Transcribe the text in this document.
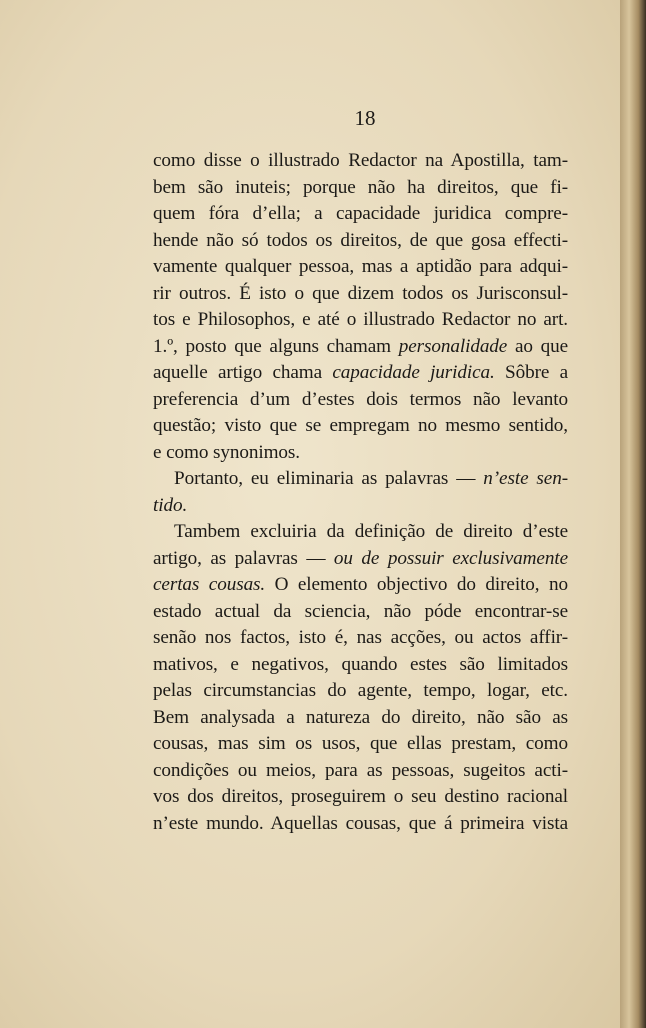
18
como disse o illustrado Redactor na Apostilla, tam-
bem são inuteis; porque não ha direitos, que fi-
quem fóra d’ella; a capacidade juridica compre-
hende não só todos os direitos, de que gosa effecti-
vamente qualquer pessoa, mas a aptidão para adqui-
rir outros. É isto o que dizem todos os Jurisconsul-
tos e Philosophos, e até o illustrado Redactor no art.
1.º, posto que alguns chamam personalidade ao que
aquelle artigo chama capacidade juridica. Sôbre a
preferencia d’um d’estes dois termos não levanto
questão; visto que se empregam no mesmo sentido,
e como synonimos.
Portanto, eu eliminaria as palavras — n’este sen-
tido.
Tambem excluiria da definição de direito d’este
artigo, as palavras — ou de possuir exclusivamente
certas cousas. O elemento objectivo do direito, no
estado actual da sciencia, não póde encontrar-se
senão nos factos, isto é, nas acções, ou actos affir-
mativos, e negativos, quando estes são limitados
pelas circumstancias do agente, tempo, logar, etc.
Bem analysada a natureza do direito, não são as
cousas, mas sim os usos, que ellas prestam, como
condições ou meios, para as pessoas, sugeitos acti-
vos dos direitos, proseguirem o seu destino racional
n’este mundo. Aquellas cousas, que á primeira vista
